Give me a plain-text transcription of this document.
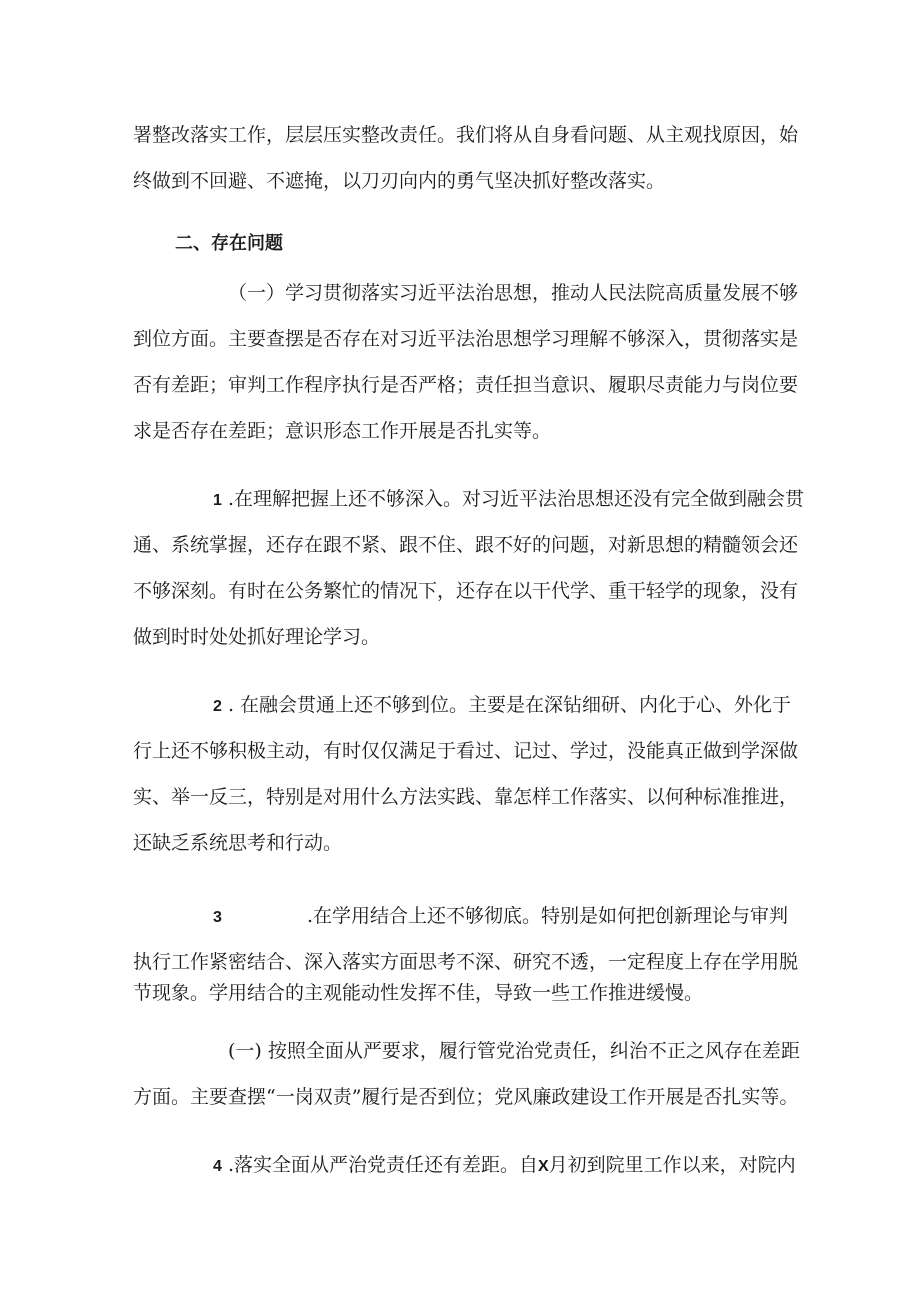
署整改落实工作，层层压实整改责任。我们将从自身看问题、从主观找原因，始
终做到不回避、不遮掩，以刀刃向内的勇气坚决抓好整改落实。
二、存在问题
（一）学习贯彻落实习近平法治思想，推动人民法院高质量发展不够
到位方面。主要查摆是否存在对习近平法治思想学习理解不够深入，贯彻落实是
否有差距；审判工作程序执行是否严格；责任担当意识、履职尽责能力与岗位要
求是否存在差距；意识形态工作开展是否扎实等。
1 .在理解把握上还不够深入。对习近平法治思想还没有完全做到融会贯
通、系统掌握，还存在跟不紧、跟不住、跟不好的问题，对新思想的精髓领会还
不够深刻。有时在公务繁忙的情况下，还存在以干代学、重干轻学的现象，没有
做到时时处处抓好理论学习。
2 . 在融会贯通上还不够到位。主要是在深钻细研、内化于心、外化于
行上还不够积极主动，有时仅仅满足于看过、记过、学过，没能真正做到学深做
实、举一反三，特别是对用什么方法实践、靠怎样工作落实、以何种标准推进，
还缺乏系统思考和行动。
3	.在学用结合上还不够彻底。特别是如何把创新理论与审判
执行工作紧密结合、深入落实方面思考不深、研究不透，一定程度上存在学用脱
节现象。学用结合的主观能动性发挥不佳，导致一些工作推进缓慢。
(一) 按照全面从严要求，履行管党治党责任，纠治不正之风存在差距
方面。主要查摆“一岗双责”履行是否到位；党风廉政建设工作开展是否扎实等。
4 .落实全面从严治党责任还有差距。自X月初到院里工作以来，对院内
